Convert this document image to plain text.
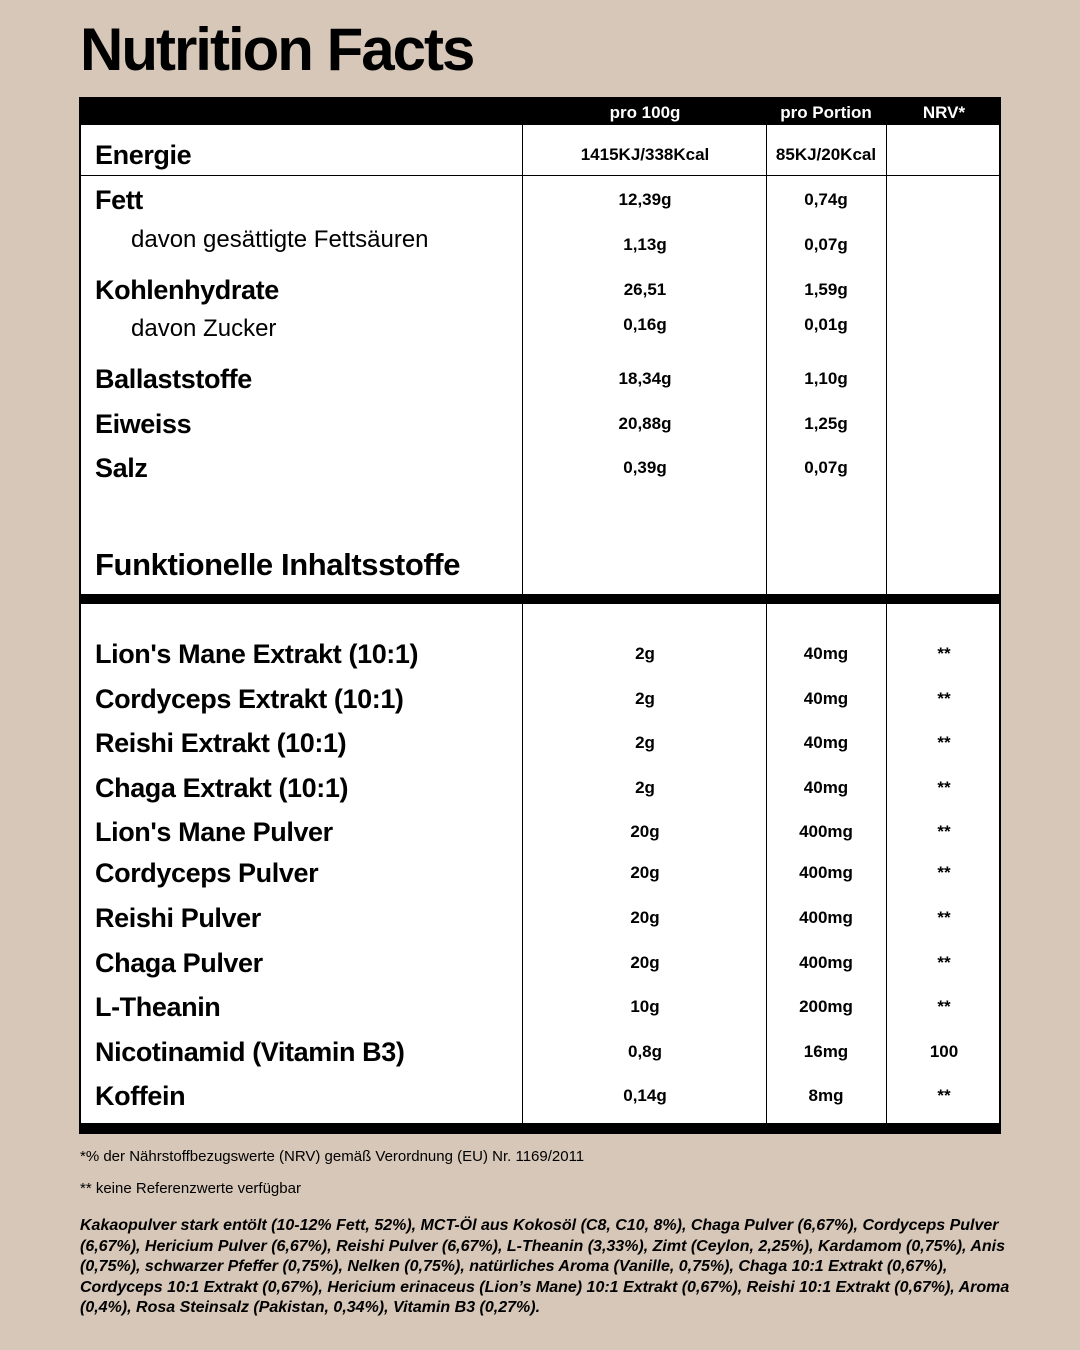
Nutrition Facts
pro 100g	pro Portion	NRV*
Energie	1415KJ/338Kcal	85KJ/20Kcal
Fett	12,39g	0,74g
davon gesättigte Fettsäuren	1,13g	0,07g
Kohlenhydrate	26,51	1,59g
davon Zucker	0,16g	0,01g
Ballaststoffe	18,34g	1,10g
Eiweiss	20,88g	1,25g
Salz	0,39g	0,07g
Funktionelle Inhaltsstoffe
Lion's Mane Extrakt (10:1)	2g	40mg	**
Cordyceps Extrakt (10:1)	2g	40mg	**
Reishi Extrakt (10:1)	2g	40mg	**
Chaga Extrakt (10:1)	2g	40mg	**
Lion's Mane Pulver	20g	400mg	**
Cordyceps Pulver	20g	400mg	**
Reishi Pulver	20g	400mg	**
Chaga Pulver	20g	400mg	**
L-Theanin	10g	200mg	**
Nicotinamid (Vitamin B3)	0,8g	16mg	100
Koffein	0,14g	8mg	**
*% der Nährstoffbezugswerte (NRV) gemäß Verordnung (EU) Nr. 1169/2011
** keine Referenzwerte verfügbar
Kakaopulver stark entölt (10-12% Fett, 52%), MCT-Öl aus Kokosöl (C8, C10, 8%), Chaga Pulver (6,67%), Cordyceps Pulver (6,67%), Hericium Pulver (6,67%), Reishi Pulver (6,67%), L-Theanin (3,33%), Zimt (Ceylon, 2,25%), Kardamom (0,75%), Anis (0,75%), schwarzer Pfeffer (0,75%), Nelken (0,75%), natürliches Aroma (Vanille, 0,75%), Chaga 10:1 Extrakt (0,67%), Cordyceps 10:1 Extrakt (0,67%), Hericium erinaceus (Lion’s Mane) 10:1 Extrakt (0,67%), Reishi 10:1 Extrakt (0,67%), Aroma (0,4%), Rosa Steinsalz (Pakistan, 0,34%), Vitamin B3 (0,27%).
